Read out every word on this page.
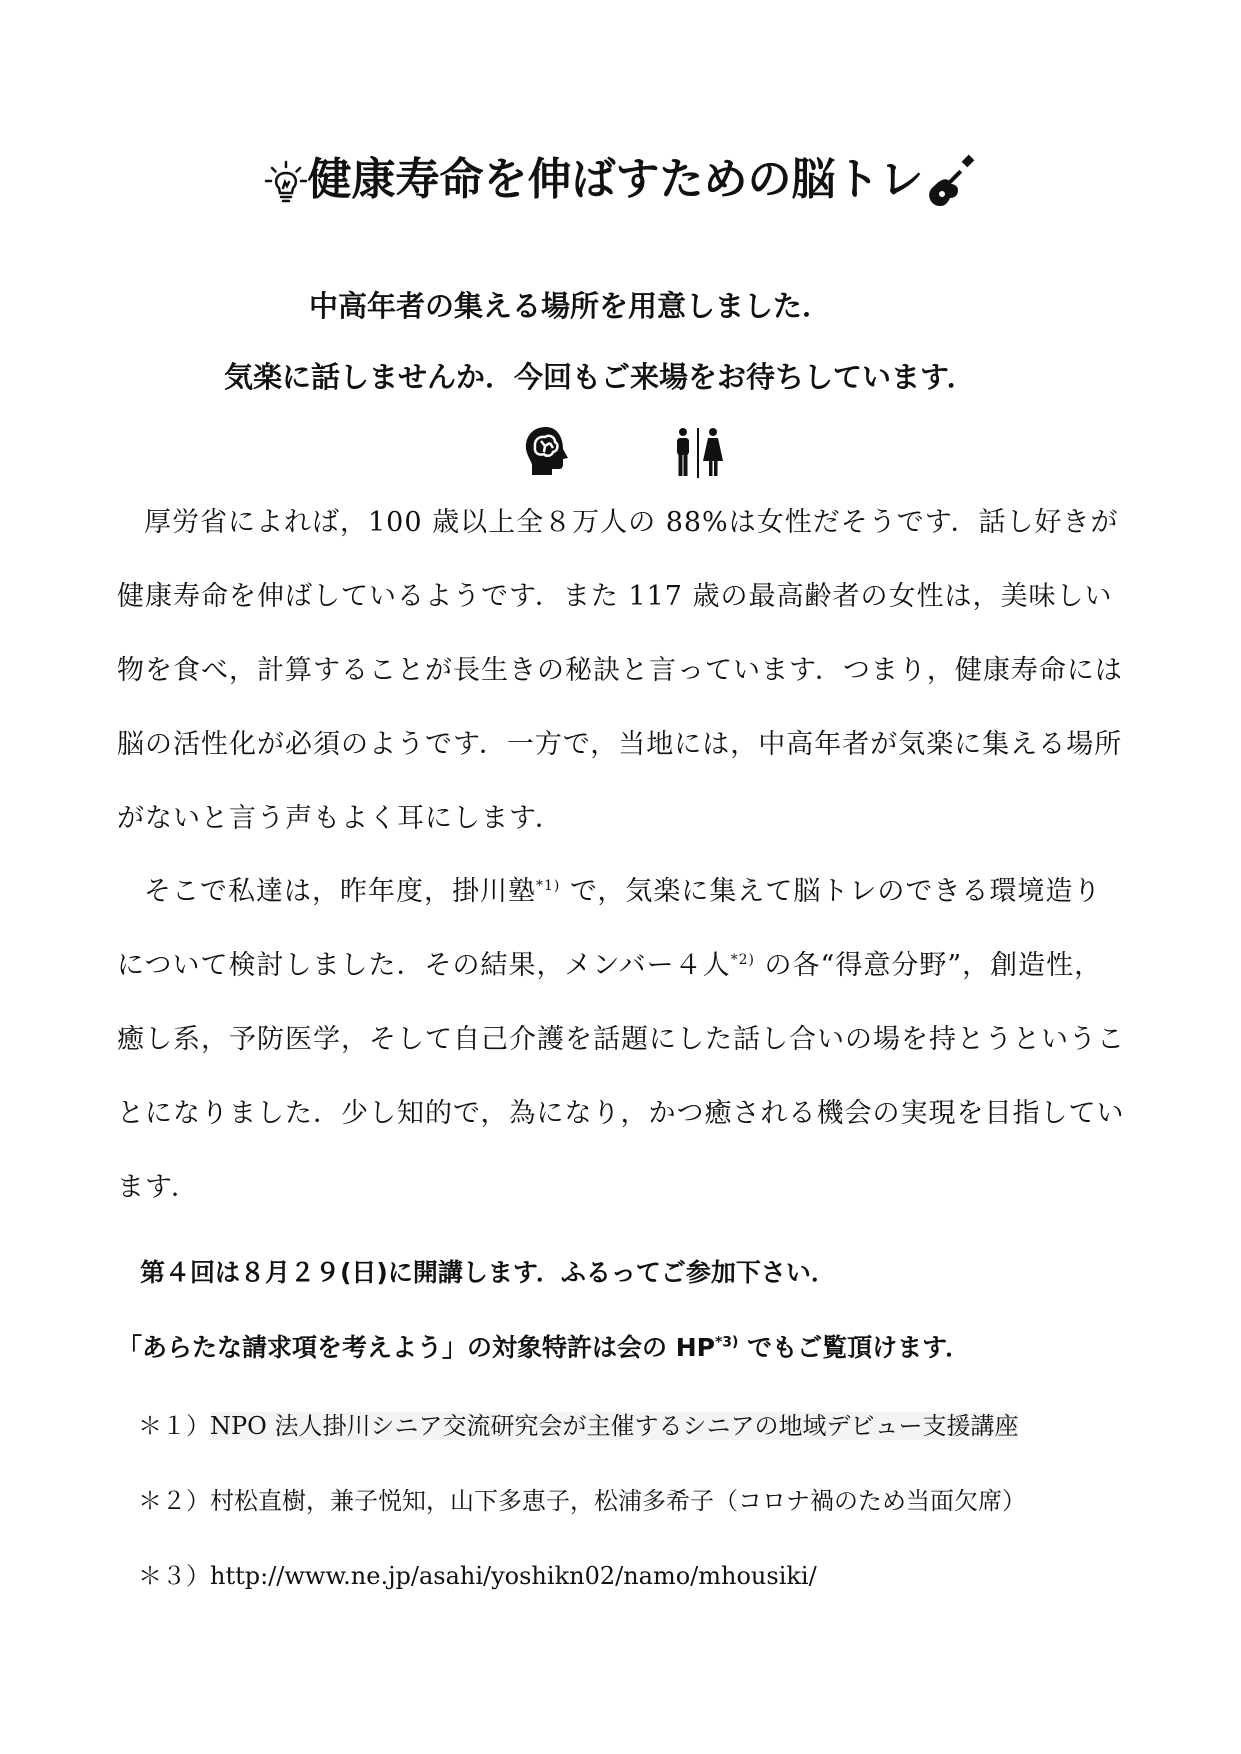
健康寿命を伸ばすための脳トレ
中高年者の集える場所を用意しました．
気楽に話しませんか．今回もご来場をお待ちしています．

厚労省によれば，100 歳以上全８万人の 88%は女性だそうです．話し好きが健康寿命を伸ばしているようです．また 117 歳の最高齢者の女性は，美味しい物を食べ，計算することが長生きの秘訣と言っています．つまり，健康寿命には脳の活性化が必須のようです．一方で，当地には，中高年者が気楽に集える場所がないと言う声もよく耳にします．

そこで私達は，昨年度，掛川塾$^{*1)}$ で，気楽に集えて脳トレのできる環境造りについて検討しました．その結果，メンバー４人$^{*2)}$ の各“得意分野”，創造性，癒し系，予防医学，そして自己介護を話題にした話し合いの場を持とうということになりました．少し知的で，為になり，かつ癒される機会の実現を目指しています．

第４回は８月２９(日)に開講します．ふるってご参加下さい．
「あらたな請求項を考えよう」の対象特許は会の HP$^{*3)}$ でもご覧頂けます．
＊１）NPO 法人掛川シニア交流研究会が主催するシニアの地域デビュー支援講座
＊２）村松直樹，兼子悦知，山下多恵子，松浦多希子（コロナ禍のため当面欠席）
＊３）http://www.ne.jp/asahi/yoshikn02/namo/mhousiki/
